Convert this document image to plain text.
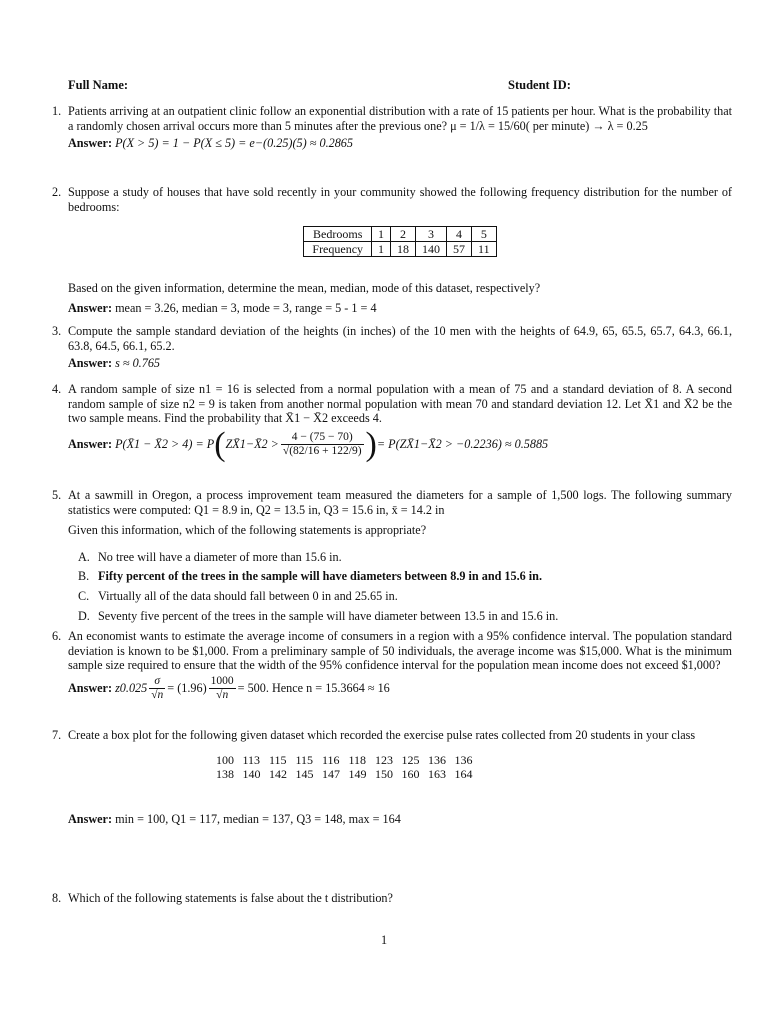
Full Name:	Student ID:
1. Patients arriving at an outpatient clinic follow an exponential distribution with a rate of 15 patients per hour. What is the probability that a randomly chosen arrival occurs more than 5 minutes after the previous one? μ = 1/λ = 15/60( per minute) → λ = 0.25

Answer: P(X > 5) = 1 − P(X ≤ 5) = e−(0.25)(5) ≈ 0.2865

2. Suppose a study of houses that have sold recently in your community showed the following frequency distribution for the number of bedrooms:

Bedrooms	1	2	3	4	5
Frequency	1	18	140	57	11

Based on the given information, determine the mean, median, mode of this dataset, respectively?

Answer: mean = 3.26, median = 3, mode = 3, range = 5 - 1 = 4

3. Compute the sample standard deviation of the heights (in inches) of the 10 men with the heights of 64.9, 65, 65.5, 65.7, 64.3, 66.1, 63.8, 64.5, 66.1, 65.2.

Answer: s ≈ 0.765

4. A random sample of size n1 = 16 is selected from a normal population with a mean of 75 and a standard deviation of 8. A second random sample of size n2 = 9 is taken from another normal population with mean 70 and standard deviation 12. Let X̄1 and X̄2 be the two sample means. Find the probability that X̄1 − X̄2 exceeds 4.

Answer:
P(X̄1 − X̄2 > 4) = P ( ZX̄1−X̄2 > $\frac{4 - (75 - 70)}{√(82/16 + 122/9)}$ ) = P(ZX̄1−X̄2 > −0.2236) ≈ 0.5885
5. At a sawmill in Oregon, a process improvement team measured the diameters for a sample of 1,500 logs. The following summary statistics were computed: Q1 = 8.9 in, Q2 = 13.5 in, Q3 = 15.6 in, x̄ = 14.2 in

Given this information, which of the following statements is appropriate?

A. No tree will have a diameter of more than 15.6 in.
B. Fifty percent of the trees in the sample will have diameters between 8.9 in and 15.6 in.
C. Virtually all of the data should fall between 0 in and 25.65 in.
D. Seventy five percent of the trees in the sample will have diameter between 13.5 in and 15.6 in.
6. An economist wants to estimate the average income of consumers in a region with a 95% confidence interval. The population standard deviation is known to be $1,000. From a preliminary sample of 50 individuals, the average income was $15,000. What is the minimum sample size required to ensure that the width of the 95% confidence interval for the population mean income does not exceed $1,000?

Answer:
$z0.025 \frac{\sigma}{√n} = (1.96) \frac{1000}{√n} = 500$. Hence n = 15.3664 ≈ 16
7. Create a box plot for the following given dataset which recorded the exercise pulse rates collected from 20 students in your class

100 113 115 115 116 118 123 125 136 136
138 140 142 145 147 149 150 160 163 164

Answer: min = 100, Q1 = 117, median = 137, Q3 = 148, max = 164

8. Which of the following statements is false about the t distribution?

1
